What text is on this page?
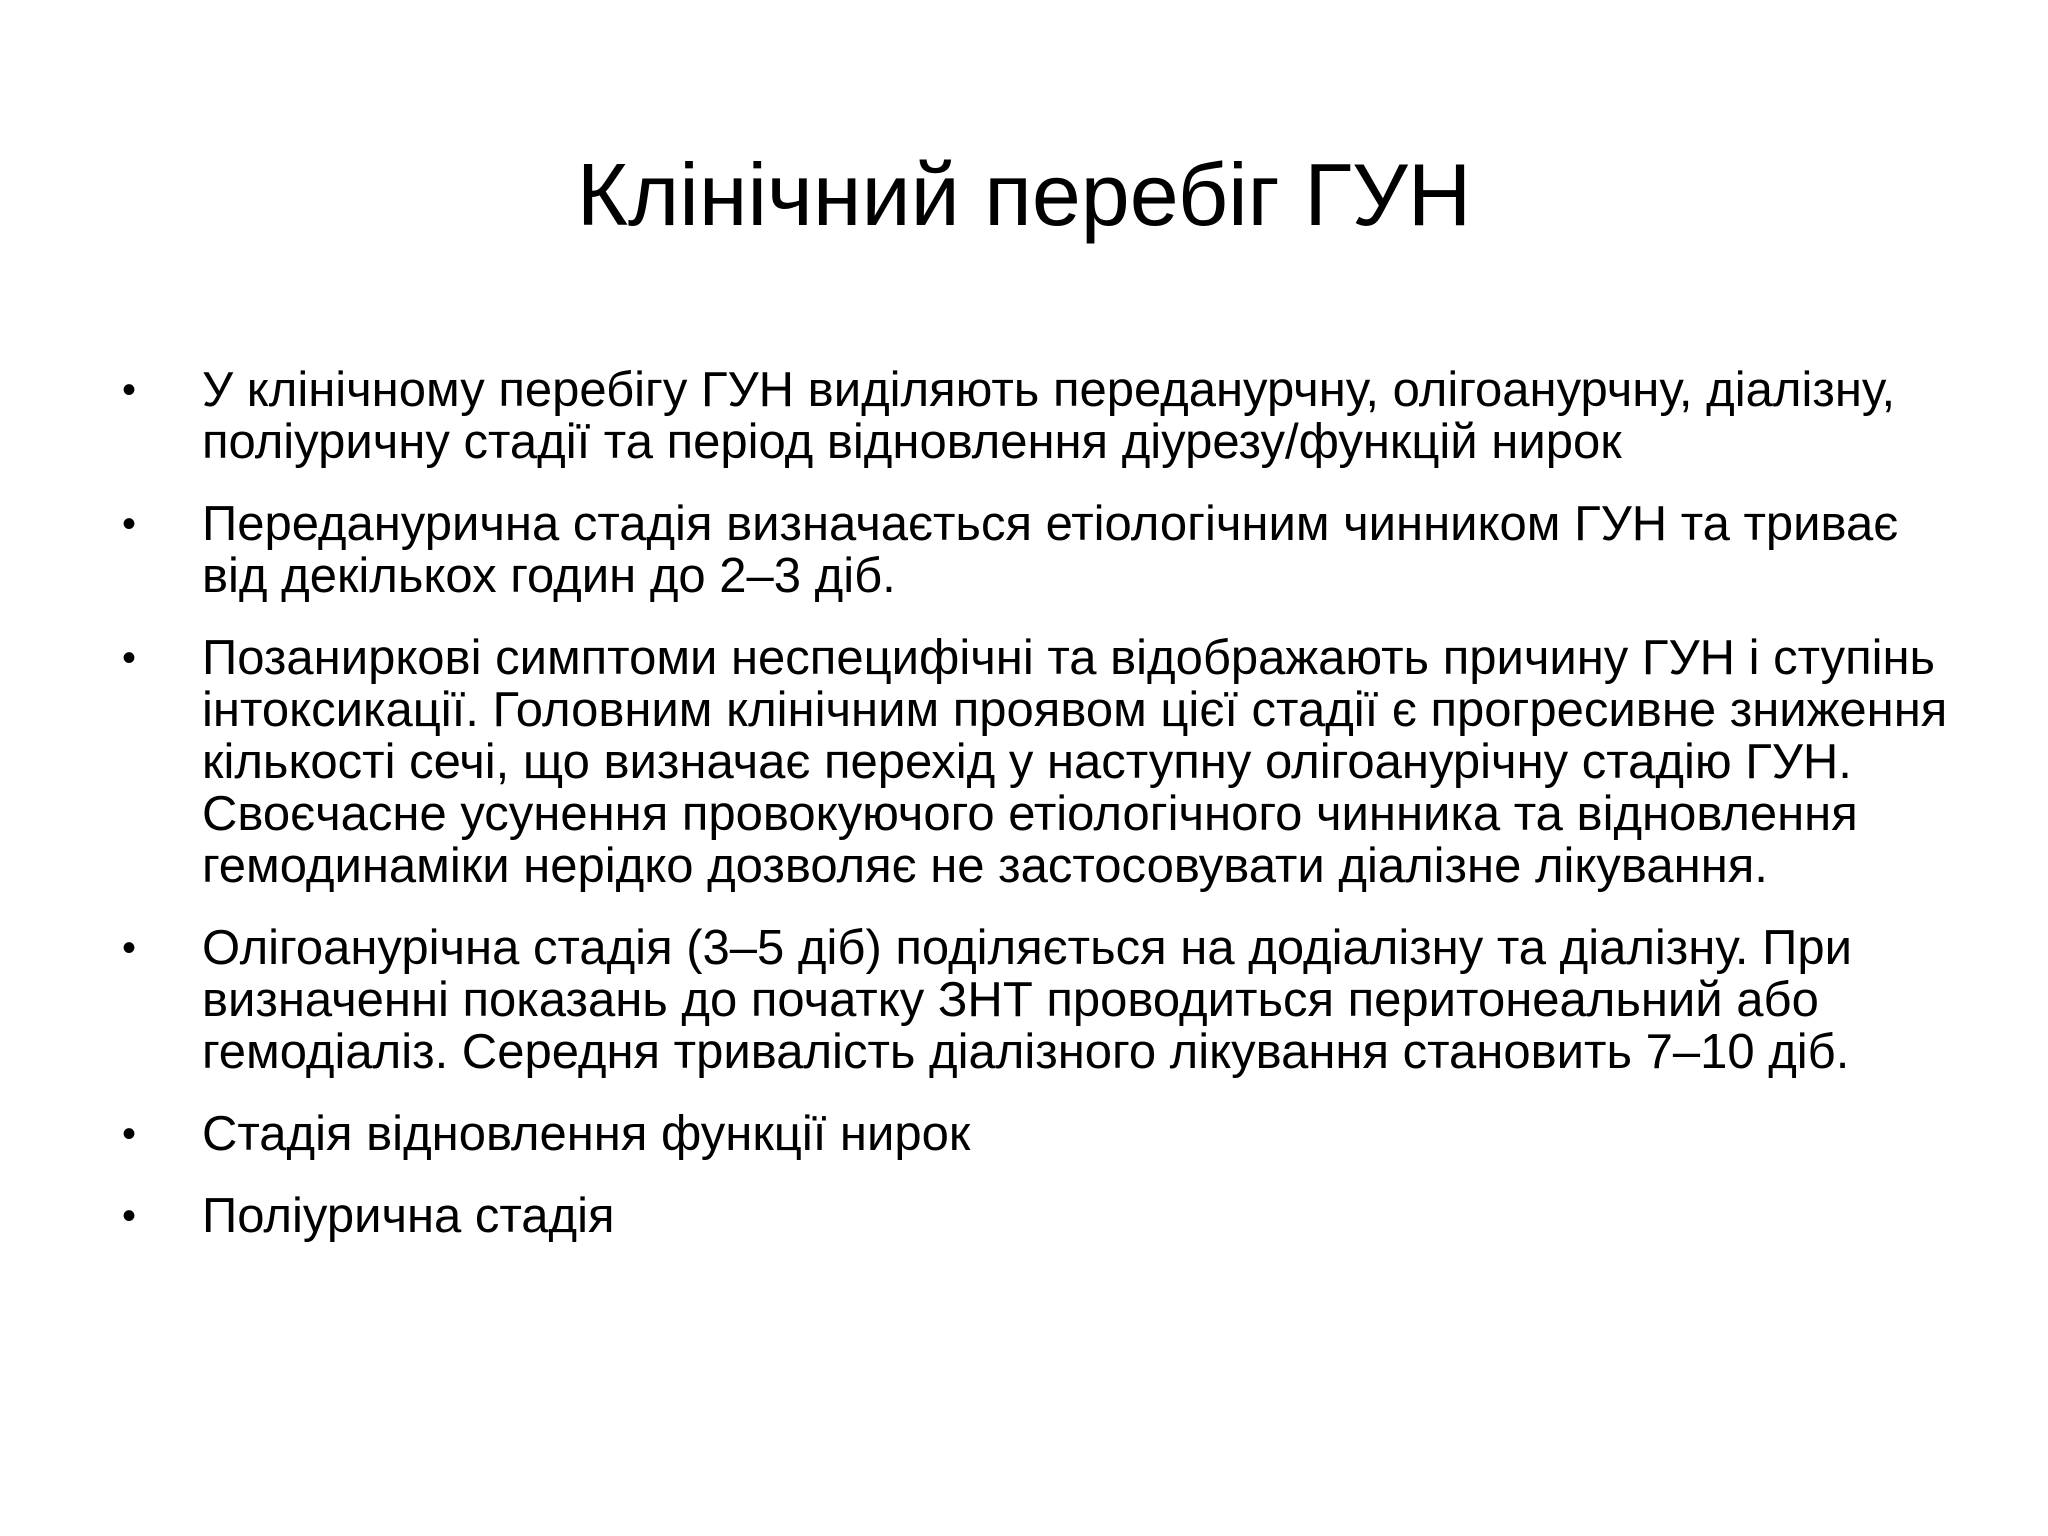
Клінічний перебіг ГУН
•	У клінічному перебігу ГУН виділяють переданурчну, олігоанурчну, діалізну, поліуричну стадії та період відновлення діурезу/функцій нирок
•	Переданурична стадія визначається етіологічним чинником ГУН та триває від декількох годин до 2–3 діб.
•	Позаниркові симптоми неспецифічні та відображають причину ГУН і ступінь інтоксикації. Головним клінічним проявом цієї стадії є прогресивне зниження кількості сечі, що визначає перехід у наступну олігоанурічну стадію ГУН. Своєчасне усунення провокуючого етіологічного чинника та відновлення гемодинаміки нерідко дозволяє не застосовувати діалізне лікування.
•	Олігоанурічна стадія (3–5 діб) поділяється на додіалізну та діалізну. При визначенні показань до початку ЗНТ проводиться перитонеальний або гемодіаліз. Середня тривалість діалізного лікування становить 7–10 діб.
•	Стадія відновлення функції нирок
•	Поліурична стадія
